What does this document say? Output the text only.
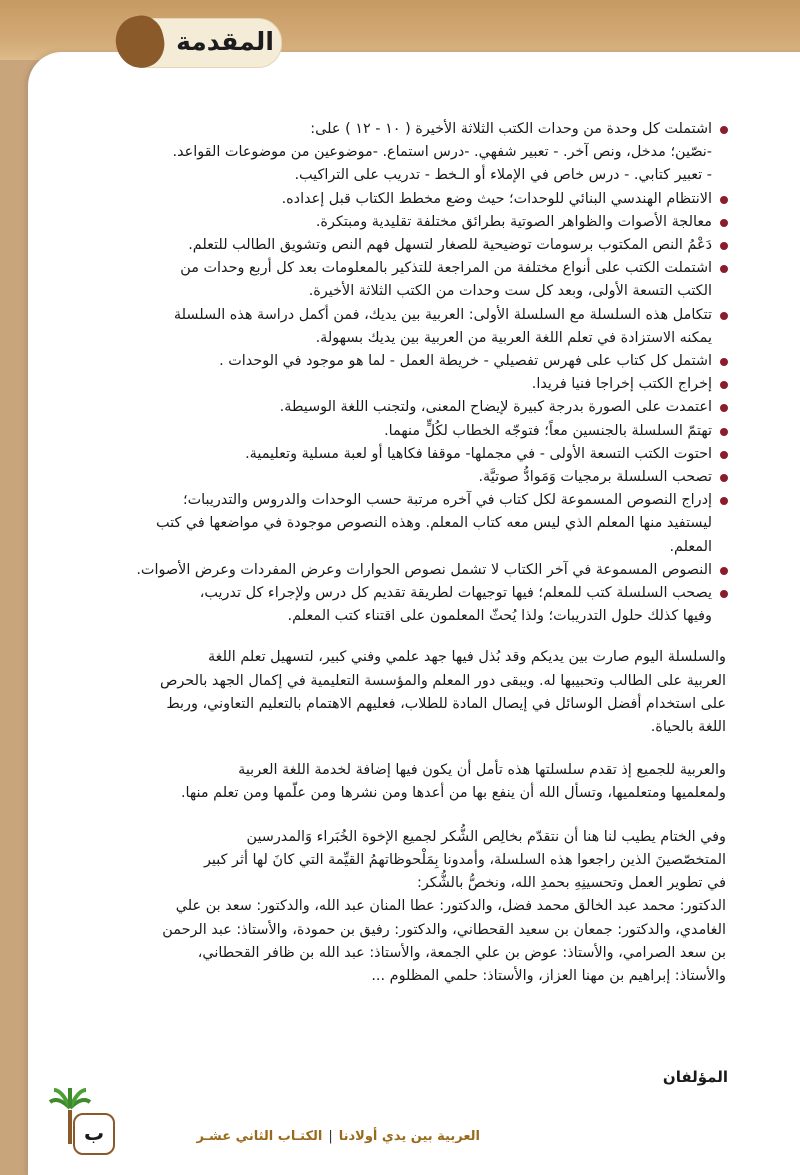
المقدمة
اشتملت كل وحدة من وحدات الكتب الثلاثة الأخيرة ( ١٠ - ١٢ ) على:
-نصّين؛ مدخل، ونص آخر. - تعبير شفهي. -درس استماع. -موضوعين من موضوعات القواعد.
- تعبير كتابي. - درس خاص في الإملاء أو الـخط - تدريب على التراكيب.
الانتظام الهندسي البنائي للوحدات؛ حيث وضع مخطط الكتاب قبل إعداده.
معالجة الأصوات والظواهر الصوتية بطرائق مختلفة تقليدية ومبتكرة.
دَعْمُ النص المكتوب برسومات توضيحية للصغار لتسهل فهم النص وتشويق الطالب للتعلم.
اشتملت الكتب على أنواع مختلفة من المراجعة للتذكير بالمعلومات بعد كل أربع وحدات من
الكتب التسعة الأولى، وبعد كل ست وحدات من الكتب الثلاثة الأخيرة.
تتكامل هذه السلسلة مع السلسلة الأولى: العربية بين يديك، فمن أكمل دراسة هذه السلسلة
يمكنه الاستزادة في تعلم اللغة العربية من العربية بين يديك بسهولة.
اشتمل كل كتاب على فهرس تفصيلي - خريطة العمل - لما هو موجود في الوحدات .
إخراج الكتب إخراجا فنيا فريدا.
اعتمدت على الصورة بدرجة كبيرة لإيضاح المعنى، ولتجنب اللغة الوسيطة.
تهتمّ السلسلة بالجنسين معاً؛ فتوجّه الخطاب لكُلٍّ منهما.
احتوت الكتب التسعة الأولى - في مجملها- موقفا فكاهيا أو لعبة مسلية وتعليمية.
تصحب السلسلة برمجيات وَمَوادُّ صوتيَّة.
إدراج النصوص المسموعة لكل كتاب في آخره مرتبة حسب الوحدات والدروس والتدريبات؛
ليستفيد منها المعلم الذي ليس معه كتاب المعلم. وهذه النصوص موجودة في مواضعها في كتب
المعلم.
النصوص المسموعة في آخر الكتاب لا تشمل نصوص الحوارات وعرض المفردات وعرض الأصوات.
يصحب السلسلة كتب للمعلم؛ فيها توجيهات لطريقة تقديم كل درس ولإجراء كل تدريب،
وفيها كذلك حلول التدريبات؛ ولذا يُحثّ المعلمون على اقتناء كتب المعلم.

والسلسلة اليوم صارت بين يديكم وقد بُذل فيها جهد علمي وفني كبير، لتسهيل تعلم اللغة
العربية على الطالب وتحبيبها له. ويبقى دور المعلم والمؤسسة التعليمية في إكمال الجهد بالحرص
على استخدام أفضل الوسائل في إيصال المادة للطلاب، فعليهم الاهتمام بالتعليم التعاوني، وربط
اللغة بالحياة.

والعربية للجميع إذ تقدم سلسلتها هذه تأمل أن يكون فيها إضافة لخدمة اللغة العربية
ولمعلميها ومتعلميها، وتسأل الله أن ينفع بها من أعدها ومن نشرها ومن علّمها ومن تعلم منها.

وفي الختام يطيب لنا هنا أن نتقدّم بخالِص الشُّكر لجميع الإخوة الخُبَراء وَالمدرسين
المتخصّصينَ الذين راجعوا هذه السلسلة، وأمدونا بِمَلْحوظاتهمُ القيِّمة التي كانَ لها أثر كبير
في تطوير العمل وتحسينِهِ بحمدِ الله، ونخصُّ بالشُّكر:

الدكتور: محمد عبد الخالق محمد فضل، والدكتور: عطا المنان عبد الله، والدكتور: سعد بن علي
الغامدي، والدكتور: جمعان بن سعيد القحطاني، والدكتور: رفيق بن حمودة، والأستاذ: عبد الرحمن
بن سعد الصرامي، والأستاذ: عوض بن علي الجمعة، والأستاذ: عبد الله بن ظافر القحطاني،
والأستاذ: إبراهيم بن مهنا العزاز، والأستاذ: حلمي المظلوم ...

المؤلفان
ب	العربية بين يدي أولادنا|الكتـاب الثاني عشـر
